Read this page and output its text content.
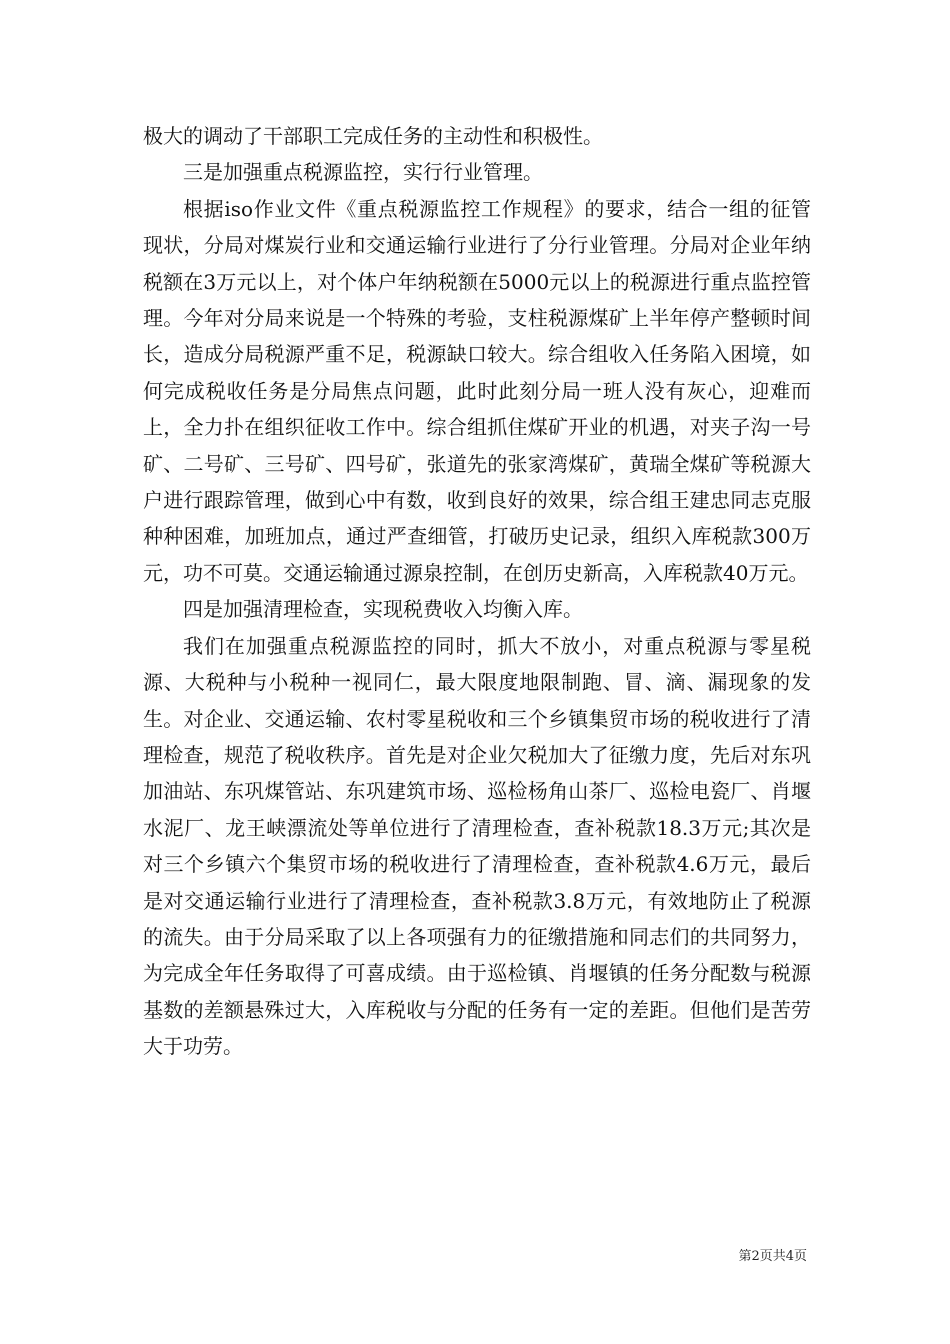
极大的调动了干部职工完成任务的主动性和积极性。

三是加强重点税源监控，实行行业管理。

根据iso作业文件《重点税源监控工作规程》的要求，结合一组的征管现状，分局对煤炭行业和交通运输行业进行了分行业管理。分局对企业年纳税额在3万元以上，对个体户年纳税额在5000元以上的税源进行重点监控管理。今年对分局来说是一个特殊的考验，支柱税源煤矿上半年停产整顿时间长，造成分局税源严重不足，税源缺口较大。综合组收入任务陷入困境，如何完成税收任务是分局焦点问题，此时此刻分局一班人没有灰心，迎难而上，全力扑在组织征收工作中。综合组抓住煤矿开业的机遇，对夹子沟一号矿、二号矿、三号矿、四号矿，张道先的张家湾煤矿，黄瑞全煤矿等税源大户进行跟踪管理，做到心中有数，收到良好的效果，综合组王建忠同志克服种种困难，加班加点，通过严查细管，打破历史记录，组织入库税款300万元，功不可莫。交通运输通过源泉控制，在创历史新高，入库税款40万元。

四是加强清理检查，实现税费收入均衡入库。

我们在加强重点税源监控的同时，抓大不放小，对重点税源与零星税源、大税种与小税种一视同仁，最大限度地限制跑、冒、滴、漏现象的发生。对企业、交通运输、农村零星税收和三个乡镇集贸市场的税收进行了清理检查，规范了税收秩序。首先是对企业欠税加大了征缴力度，先后对东巩加油站、东巩煤管站、东巩建筑市场、巡检杨角山茶厂、巡检电瓷厂、肖堰水泥厂、龙王峡漂流处等单位进行了清理检查，查补税款18.3万元;其次是对三个乡镇六个集贸市场的税收进行了清理检查，查补税款4.6万元，最后是对交通运输行业进行了清理检查，查补税款3.8万元，有效地防止了税源的流失。由于分局采取了以上各项强有力的征缴措施和同志们的共同努力，为完成全年任务取得了可喜成绩。由于巡检镇、肖堰镇的任务分配数与税源基数的差额悬殊过大，入库税收与分配的任务有一定的差距。但他们是苦劳大于功劳。

第2页共4页
